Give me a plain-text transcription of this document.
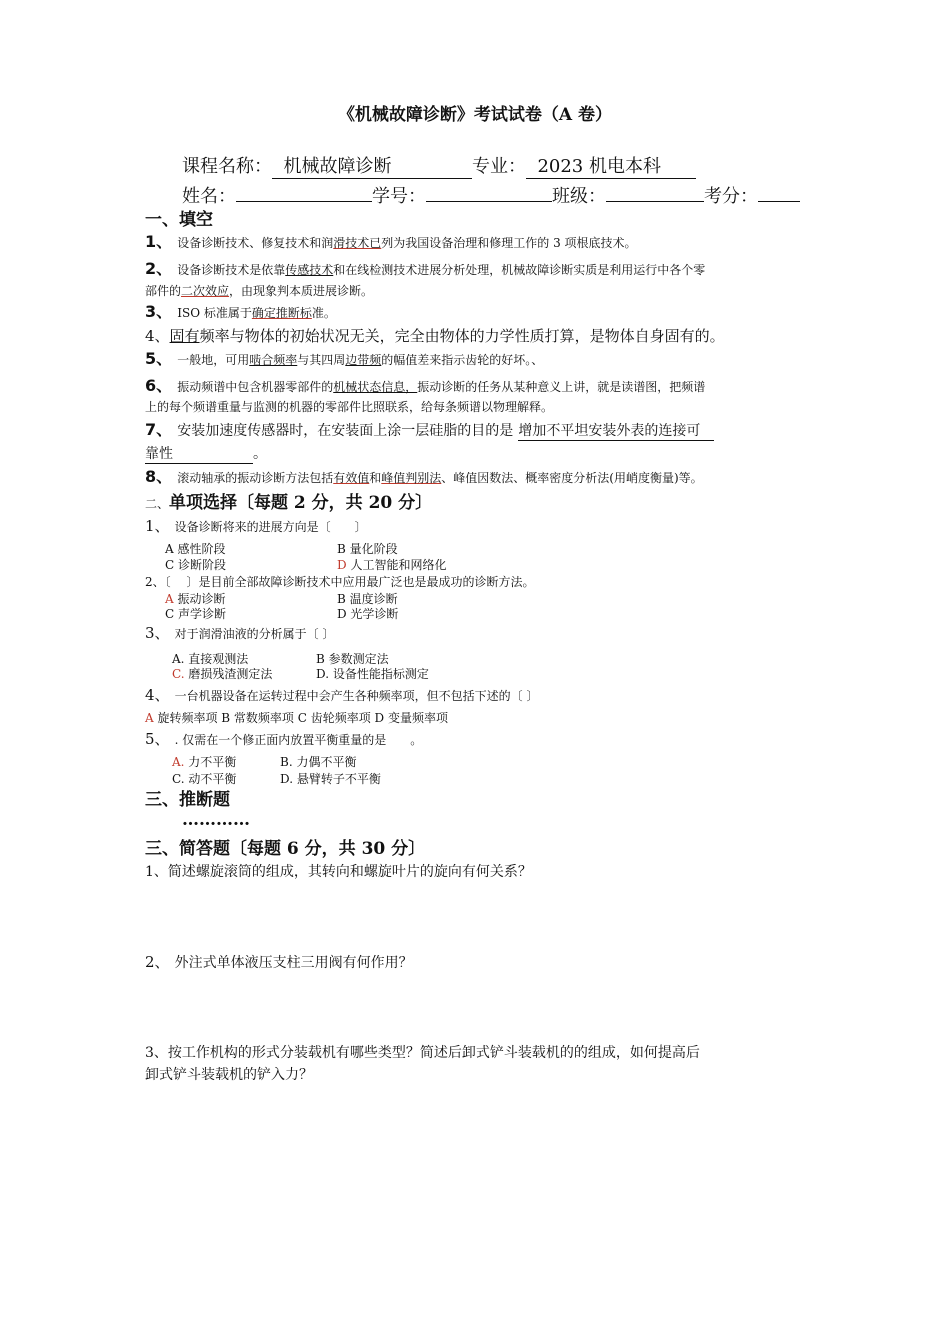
《机械故障诊断》考试试卷（A 卷）
课程名称： 机械故障诊断	专业： 2023 机电本科
姓名：	学号：	班级：	考分：
一、填空
1、 设备诊断技术、修复技术和润滑技术已列为我国设备治理和修理工作的 3 项根底技术。
2、 设备诊断技术是依靠传感技术和在线检测技术进展分析处理，机械故障诊断实质是利用运行中各个零
部件的二次效应，由现象判本质进展诊断。
3、 ISO 标准属于确定推断标准。
4、固有频率与物体的初始状况无关，完全由物体的力学性质打算，是物体自身固有的。
5、 一般地，可用啮合频率与其四周边带频的幅值差来指示齿轮的好坏。、
6、 振动频谱中包含机器零部件的机械状态信息，振动诊断的任务从某种意义上讲，就是读谱图，把频谱
上的每个频谱重量与监测的机器的零部件比照联系，给每条频谱以物理解释。
7、 安装加速度传感器时，在安装面上涂一层硅脂的目的是 增加不平坦安装外表的连接可
靠性	。
8、 滚动轴承的振动诊断方法包括有效值和峰值判别法、峰值因数法、概率密度分析法(用峭度衡量)等。
二、单项选择〔每题 2 分，共 20 分〕
1、 设备诊断将来的进展方向是〔　　〕
A 感性阶段	B 量化阶段
C 诊断阶段	D 人工智能和网络化
2、〔　 〕是目前全部故障诊断技术中应用最广泛也是最成功的诊断方法。
A 振动诊断	B 温度诊断
C 声学诊断	D 光学诊断
3、 对于润滑油液的分析属于〔 〕
A. 直接观测法	B 参数测定法
C. 磨损残渣测定法	D. 设备性能指标测定
4、 一台机器设备在运转过程中会产生各种频率项，但不包括下述的〔 〕
A 旋转频率项 B 常数频率项 C 齿轮频率项 D 变量频率项
5、 . 仅需在一个修正面内放置平衡重量的是　　。
A. 力不平衡	B. 力偶不平衡
C. 动不平衡	D. 悬臂转子不平衡
三、推断题
…………
三、简答题〔每题 6 分，共 30 分〕
1、简述螺旋滚筒的组成，其转向和螺旋叶片的旋向有何关系？
2、 外注式单体液压支柱三用阀有何作用？
3、按工作机构的形式分装载机有哪些类型？简述后卸式铲斗装载机的的组成，如何提高后
卸式铲斗装载机的铲入力？
